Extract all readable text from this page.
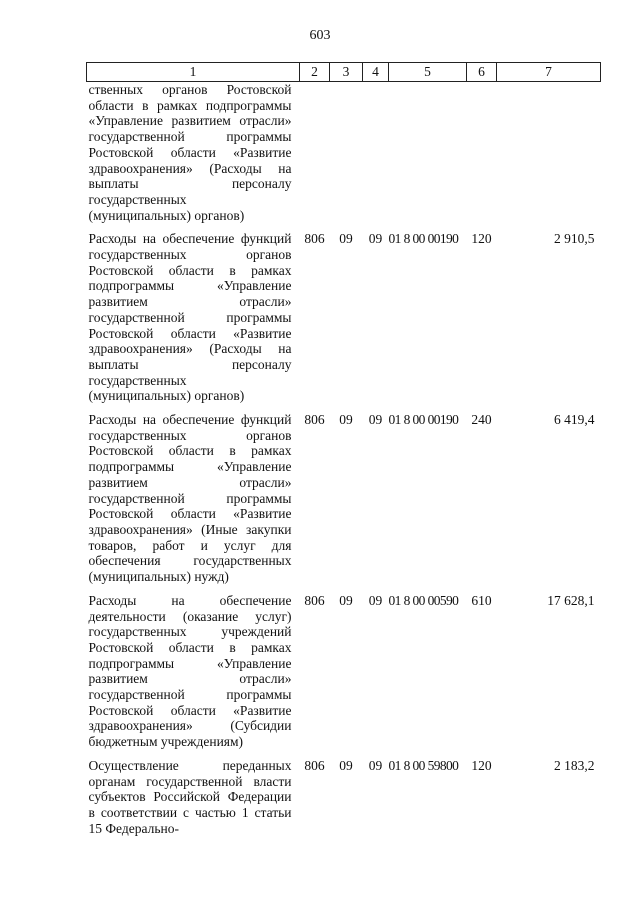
603
1	2	3	4	5	6	7
ственных органов Ростовской области в рамках подпрограммы «Управление развитием отрасли» государственной программы Ростовской области «Развитие здравоохранения» (Расходы на выплаты персоналу государственных (муниципальных) органов)						
Расходы на обеспечение функций государственных органов Ростовской области в рамках подпрограммы «Управление развитием отрасли» государственной программы Ростовской области «Развитие здравоохранения» (Расходы на выплаты персоналу государственных (муниципальных) органов)	806	09	09	01 8 00 00190	120	2 910,5
Расходы на обеспечение функций государственных органов Ростовской области в рамках подпрограммы «Управление развитием отрасли» государственной программы Ростовской области «Развитие здравоохранения» (Иные закупки товаров, работ и услуг для обеспечения государственных (муниципальных) нужд)	806	09	09	01 8 00 00190	240	6 419,4
Расходы на обеспечение деятельности (оказание услуг) государственных учреждений Ростовской области в рамках подпрограммы «Управление развитием отрасли» государственной программы Ростовской области «Развитие здравоохранения» (Субсидии бюджетным учреждениям)	806	09	09	01 8 00 00590	610	17 628,1
Осуществление переданных органам государственной власти субъектов Российской Федерации в соответствии с частью 1 статьи 15 Федерально-	806	09	09	01 8 00 59800	120	2 183,2
